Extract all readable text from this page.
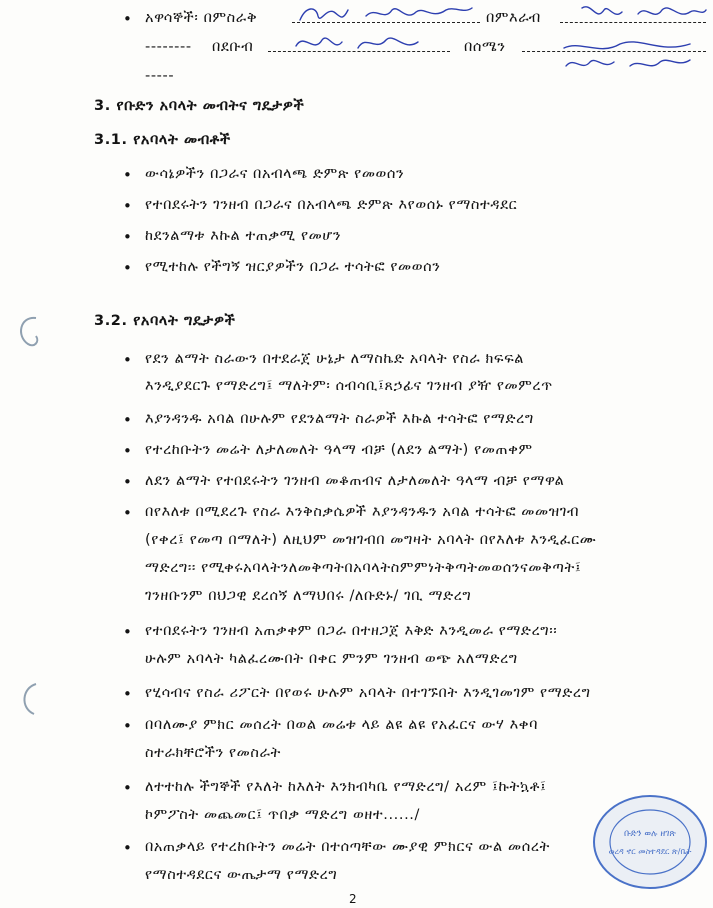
• አዋሳኞች፡ በምስራቅ	በምእራብ
-------- በደቡብ	በሰሜን
-----
3. የቡድን አባላት መብትና ግዴታዎች
3.1. የአባላት መብቶች
• ውሳኔዎችን በጋራና በአብላጫ ድምጽ የመወሰን
• የተበደሩትን ገንዘብ በጋራና በአብላጫ ድምጽ እየወሰኑ የማስተዳደር
• ከደንልማቱ እኩል ተጠቃሚ የመሆን
• የሚተከሉ የችግኝ ዝርያዎችን በጋራ ተሳትፎ የመወሰን
3.2. የአባላት ግዴታዎች
• የደን ልማት ስራውን በተደራጀ ሁኔታ ለማስኬድ አባላት የስራ ክፍፍል
እንዲያደርጉ የማድረግ፤ ማለትም፡ ሰብሳቢ፤ጸኃፊና ገንዘብ ያዥ የመምረጥ
• እያንዳንዱ አባል በሁሉም የደንልማት ስራዎች እኩል ተሳትፎ የማድረግ
• የተረከቡትን መሬት ለታለመለት ዓላማ ብቻ (ለደን ልማት) የመጠቀም
• ለደን ልማት የተበደሩትን ገንዘብ መቆጠብና ለታለመለት ዓላማ ብቻ የማዋል
• በየእለቱ በሚደረጉ የስራ እንቅስቃሴዎች እያንዳንዱን አባል ተሳትፎ መመዝገብ
(የቀረ፤ የመጣ በማለት) ለዚህም መዝገብበ መግዛት አባላት በየእለቱ እንዲፈርሙ
ማድረግ፡፡ የሚቀሩአባላትንለመቅጣትበአባላትስምምነትቅጣትመወሰንናመቅጣት፤
ገንዘቡንም በህጋዊ ደረሰኝ ለማህበሩ /ለቡድኑ/ ገቢ ማድረግ
• የተበደሩትን ገንዘብ አጠቃቀም በጋራ በተዘጋጀ እቅድ እንዲመራ የማድረግ፡፡
ሁሉም አባላት ካልፈረሙበት በቀር ምንም ገንዘብ ወጭ አለማድረግ
• የሂሳብና የስራ ሪፖርት በየወሩ ሁሉም አባላት በተገኙበት እንዲገመገም የማድረግ
• በባለሙያ ምክር መሰረት በወል መሬቱ ላይ ልዩ ልዩ የአፈርና ውሃ እቀባ
ስተራክቸሮችን የመስራት
• ለተተከሉ ችግኞች የእለት ከእለት እንክብካቤ የማድረግ/ አረም ፤ኩትኳቶ፤
ኮምፖስት መጨመር፤ ጥበቃ ማድረግ ወዘተ....../
• በአጠቃላይ የተረከቡትን መሬት በተሰጣቸው ሙያዊ ምክርና ውል መሰረት
የማስተዳደርና ውጤታማ የማድረግ
ቡድን ወሉ ዘገጽ
ወረዳ ኖር መስተዳደር ጽ/ቤት
2
